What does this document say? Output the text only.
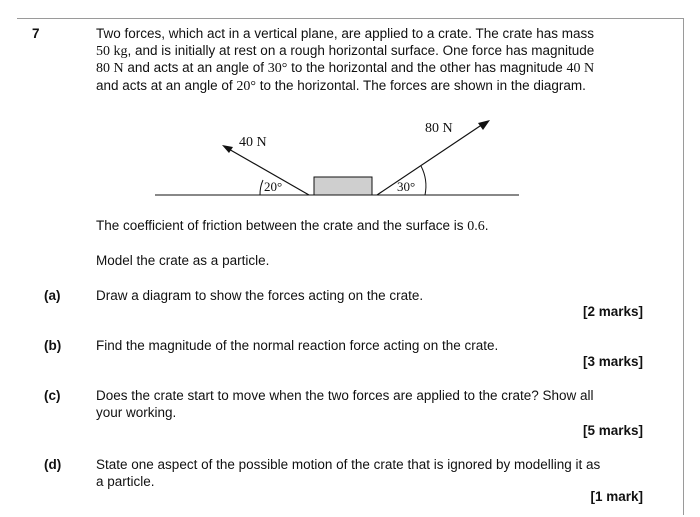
7	Two forces, which act in a vertical plane, are applied to a crate. The crate has mass
50 kg, and is initially at rest on a rough horizontal surface. One force has magnitude
80 N and acts at an angle of 30° to the horizontal and the other has magnitude 40 N
and acts at an angle of 20° to the horizontal. The forces are shown in the diagram.
40 N
80 N
20°	30°
The coefficient of friction between the crate and the surface is 0.6.
Model the crate as a particle.
(a)	Draw a diagram to show the forces acting on the crate.
[2 marks]
(b)	Find the magnitude of the normal reaction force acting on the crate.
[3 marks]
(c)	Does the crate start to move when the two forces are applied to the crate? Show all
your working.
[5 marks]
(d)	State one aspect of the possible motion of the crate that is ignored by modelling it as
a particle.
[1 mark]
